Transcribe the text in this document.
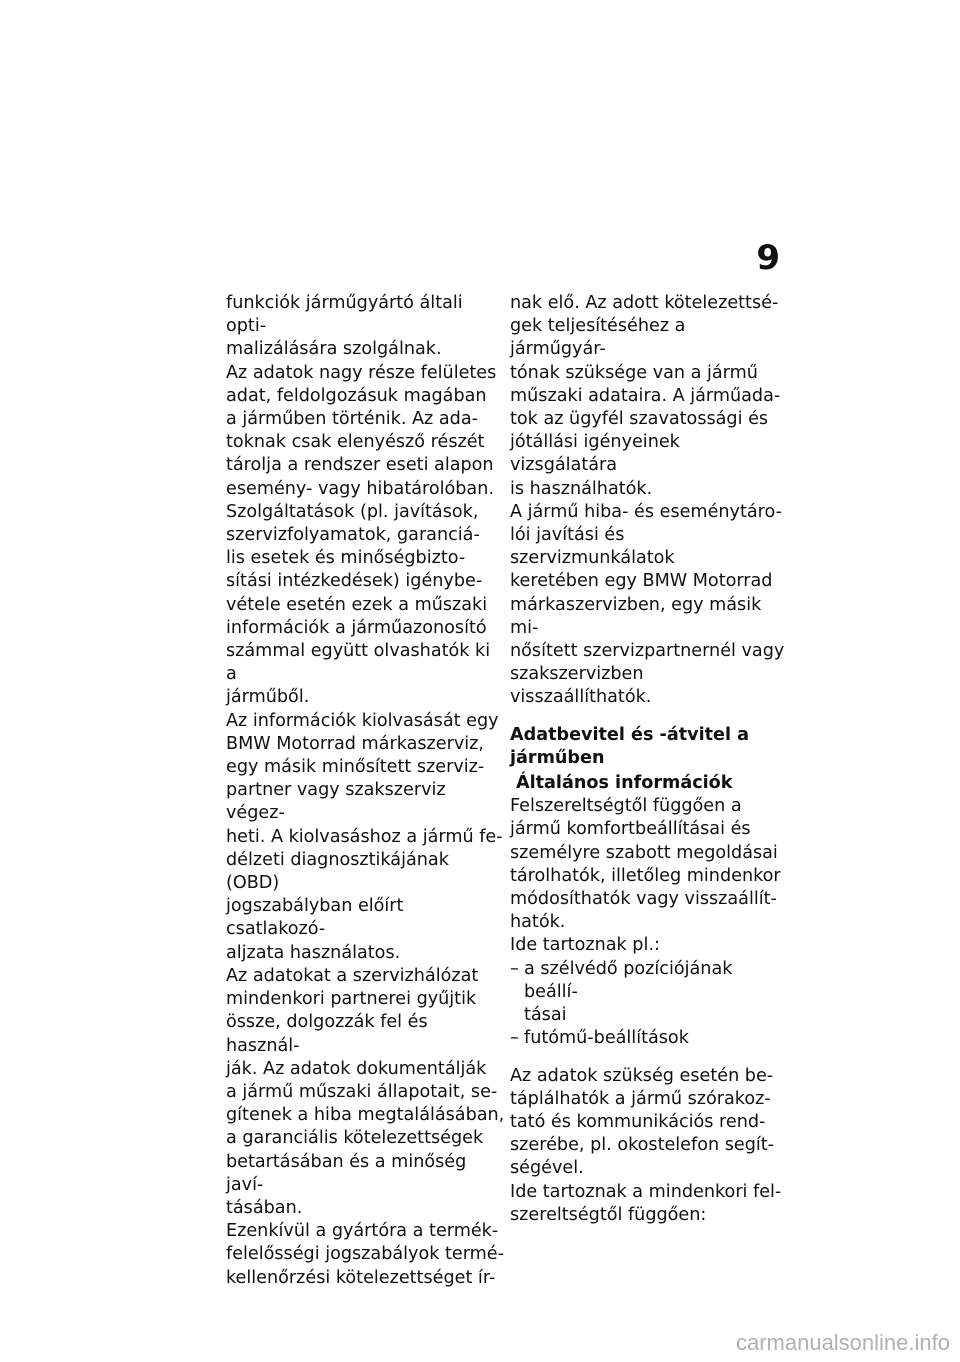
9

funkciók járműgyártó általi opti-
malizálására szolgálnak.

Az adatok nagy része felületes
adat, feldolgozásuk magában
a járműben történik. Az ada-
toknak csak elenyésző részét
tárolja a rendszer eseti alapon
esemény- vagy hibatárolóban.

Szolgáltatások (pl. javítások,
szervizfolyamatok, garanciá-
lis esetek és minőségbizto-
sítási intézkedések) igénybe-
vétele esetén ezek a műszaki
információk a járműazonosító
számmal együtt olvashatók ki a
járműből.

Az információk kiolvasását egy
BMW Motorrad márkaszerviz,
egy másik minősített szerviz-
partner vagy szakszerviz végez-
heti. A kiolvasáshoz a jármű fe-
délzeti diagnosztikájának (OBD)
jogszabályban előírt csatlakozó-
aljzata használatos.

Az adatokat a szervizhálózat
mindenkori partnerei gyűjtik
össze, dolgozzák fel és használ-
ják. Az adatok dokumentálják
a jármű műszaki állapotait, se-
gítenek a hiba megtalálásában,
a garanciális kötelezettségek
betartásában és a minőség javí-
tásában.

Ezenkívül a gyártóra a termék-
felelősségi jogszabályok termé-
kellenőrzési kötelezettséget ír-

nak elő. Az adott kötelezettsé-
gek teljesítéséhez a járműgyár-
tónak szüksége van a jármű
műszaki adataira. A járműada-
tok az ügyfél szavatossági és
jótállási igényeinek vizsgálatára
is használhatók.

A jármű hiba- és eseménytáro-
lói javítási és szervizmunkálatok
keretében egy BMW Motorrad
márkaszervizben, egy másik mi-
nősített szervizpartnernél vagy
szakszervizben visszaállíthatók.

Adatbevitel és -átvitel a
járműben
Általános információk

Felszereltségtől függően a
jármű komfortbeállításai és
személyre szabott megoldásai
tárolhatók, illetőleg mindenkor
módosíthatók vagy visszaállít-
hatók.

Ide tartoznak pl.:

– a szélvédő pozíciójának beállí-
tásai
– futómű-beállítások

Az adatok szükség esetén be-
táplálhatók a jármű szórakoz-
tató és kommunikációs rend-
szerébe, pl. okostelefon segít-
ségével.

Ide tartoznak a mindenkori fel-
szereltségtől függően:

carmanualsonline.info
